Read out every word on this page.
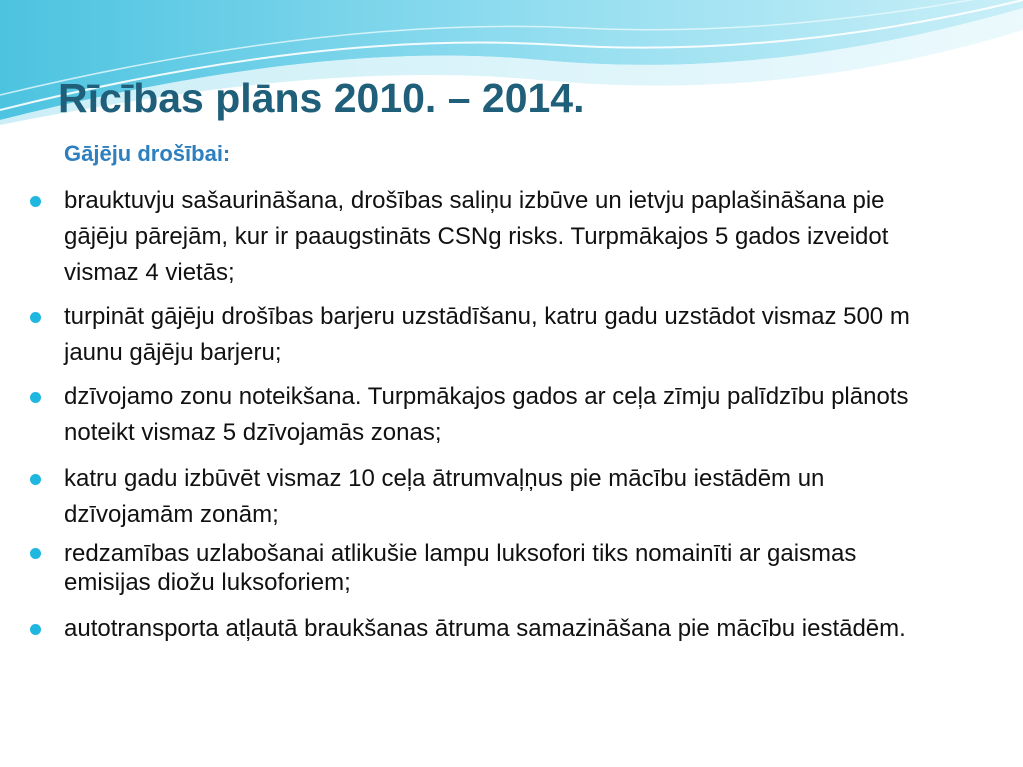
Rīcības plāns 2010. – 2014.

Gājēju drošībai:

brauktuvju sašaurināšana, drošības saliņu izbūve un ietvju paplašināšana pie gājēju pārejām, kur ir paaugstināts CSNg risks. Turpmākajos 5 gados izveidot vismaz 4 vietās;

turpināt gājēju drošības barjeru uzstādīšanu, katru gadu uzstādot vismaz 500 m jaunu gājēju barjeru;

dzīvojamo zonu noteikšana. Turpmākajos gados ar ceļa zīmju palīdzību plānots noteikt vismaz 5 dzīvojamās zonas;

katru gadu izbūvēt vismaz 10 ceļa ātrumvaļņus pie mācību iestādēm un dzīvojamām zonām;

redzamības uzlabošanai atlikušie lampu luksofori tiks nomainīti ar gaismas emisijas diožu luksoforiem;

autotransporta atļautā braukšanas ātruma samazināšana pie mācību iestādēm.
